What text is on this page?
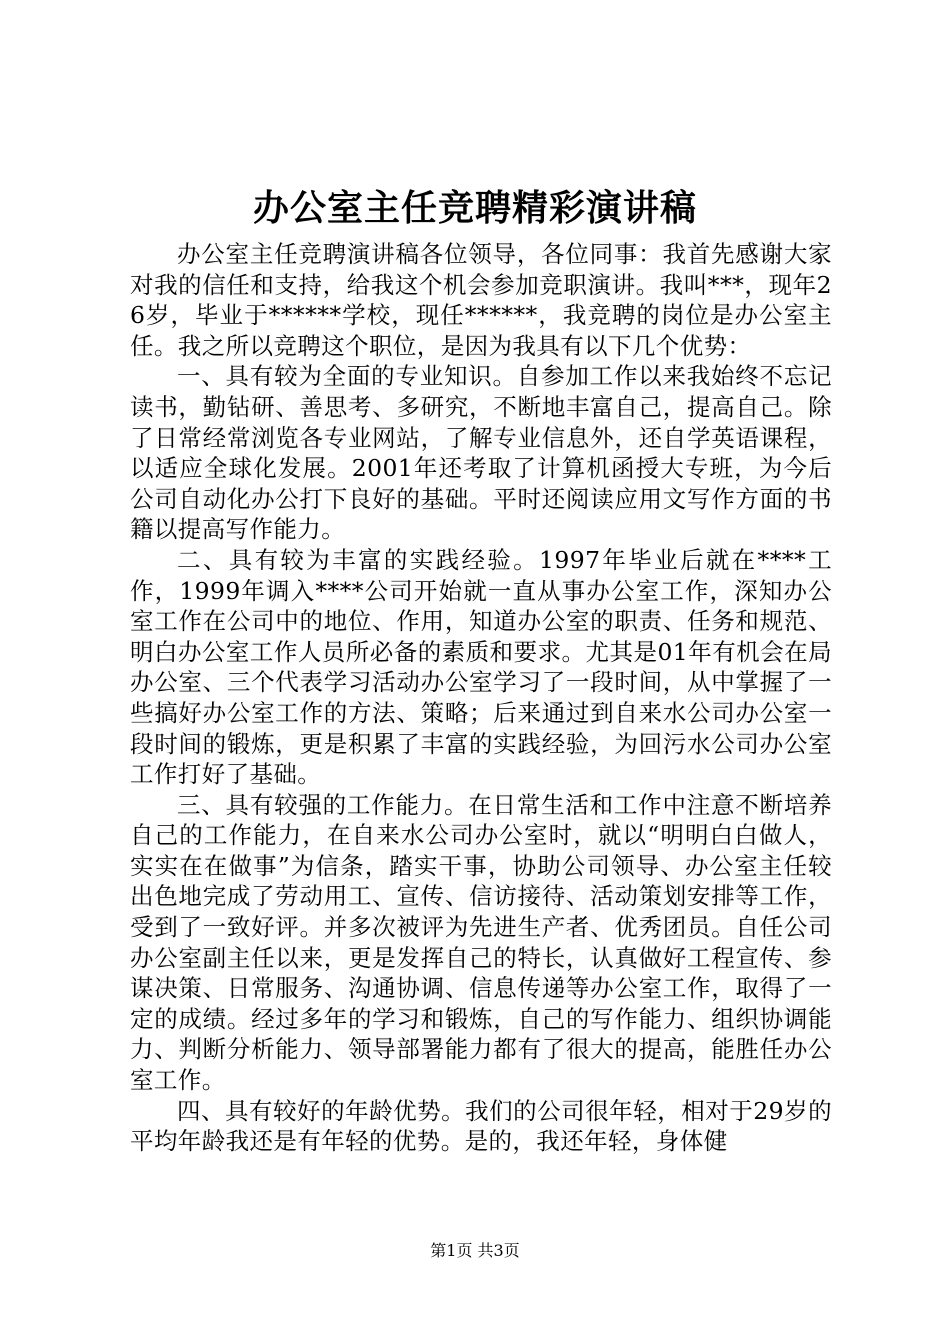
办公室主任竞聘精彩演讲稿

办公室主任竞聘演讲稿各位领导，各位同事：我首先感谢大家对我的信任和支持，给我这个机会参加竞职演讲。我叫***，现年26岁，毕业于******学校，现任******，我竞聘的岗位是办公室主任。我之所以竞聘这个职位，是因为我具有以下几个优势：

一、具有较为全面的专业知识。自参加工作以来我始终不忘记读书，勤钻研、善思考、多研究，不断地丰富自己，提高自己。除了日常经常浏览各专业网站，了解专业信息外，还自学英语课程，以适应全球化发展。2001年还考取了计算机函授大专班，为今后公司自动化办公打下良好的基础。平时还阅读应用文写作方面的书籍以提高写作能力。

二、具有较为丰富的实践经验。1997年毕业后就在****工作，1999年调入****公司开始就一直从事办公室工作，深知办公室工作在公司中的地位、作用，知道办公室的职责、任务和规范、明白办公室工作人员所必备的素质和要求。尤其是01年有机会在局办公室、三个代表学习活动办公室学习了一段时间，从中掌握了一些搞好办公室工作的方法、策略；后来通过到自来水公司办公室一段时间的锻炼，更是积累了丰富的实践经验，为回污水公司办公室工作打好了基础。

三、具有较强的工作能力。在日常生活和工作中注意不断培养自己的工作能力，在自来水公司办公室时，就以“明明白白做人，实实在在做事”为信条，踏实干事，协助公司领导、办公室主任较出色地完成了劳动用工、宣传、信访接待、活动策划安排等工作，受到了一致好评。并多次被评为先进生产者、优秀团员。自任公司办公室副主任以来，更是发挥自己的特长，认真做好工程宣传、参谋决策、日常服务、沟通协调、信息传递等办公室工作，取得了一定的成绩。经过多年的学习和锻炼，自己的写作能力、组织协调能力、判断分析能力、领导部署能力都有了很大的提高，能胜任办公室工作。

四、具有较好的年龄优势。我们的公司很年轻，相对于29岁的平均年龄我还是有年轻的优势。是的，我还年轻，身体健

第1页 共3页
